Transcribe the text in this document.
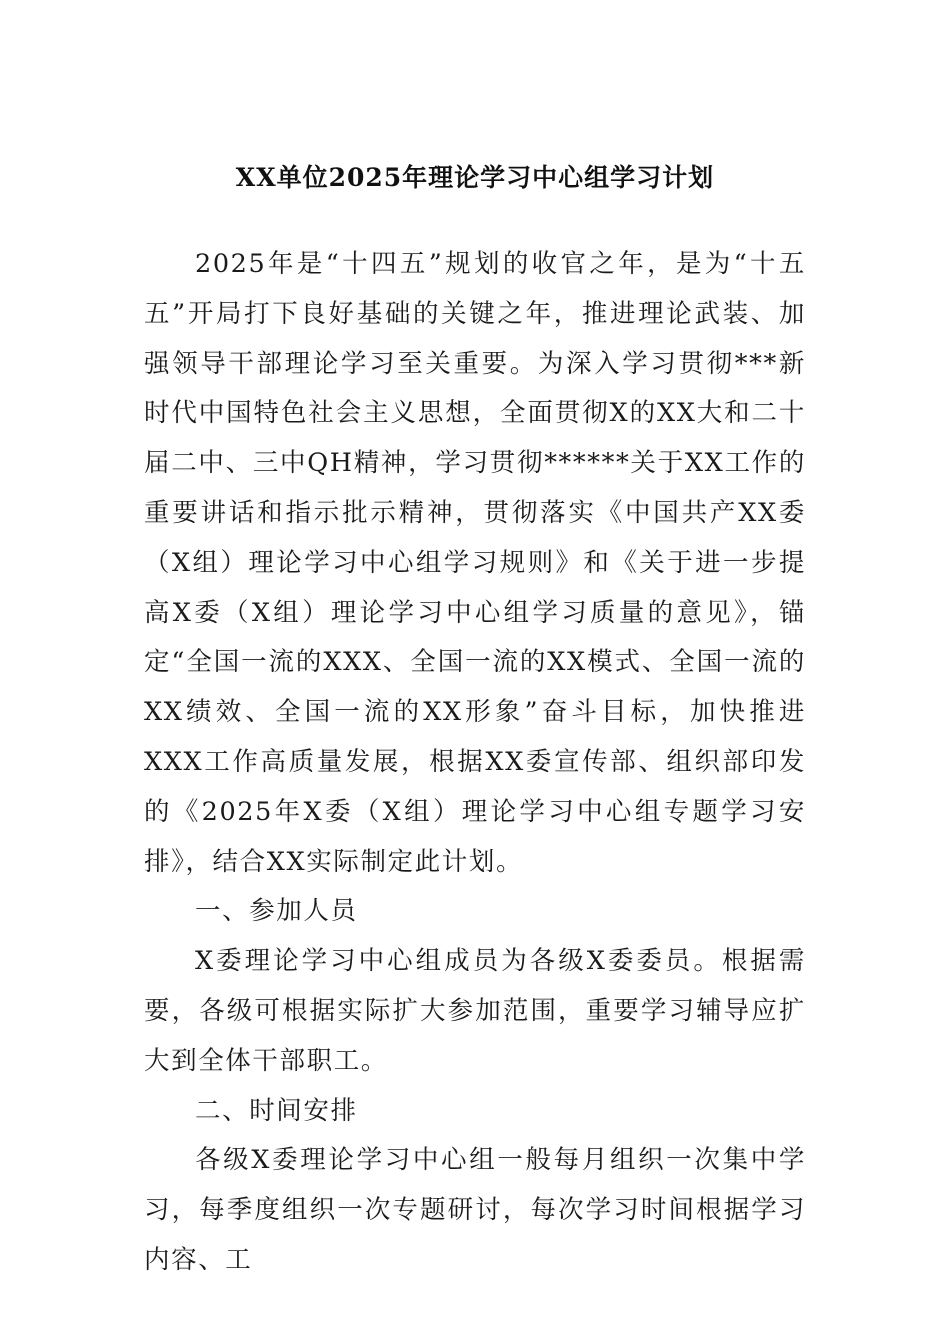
XX单位2025年理论学习中心组学习计划

2025年是“十四五”规划的收官之年，是为“十五五”开局打下良好基础的关键之年，推进理论武装、加强领导干部理论学习至关重要。为深入学习贯彻***新时代中国特色社会主义思想，全面贯彻X的XX大和二十届二中、三中QH精神，学习贯彻******关于XX工作的重要讲话和指示批示精神，贯彻落实《中国共产XX委（X组）理论学习中心组学习规则》和《关于进一步提高X委（X组）理论学习中心组学习质量的意见》，锚定“全国一流的XXX、全国一流的XX模式、全国一流的XX绩效、全国一流的XX形象”奋斗目标，加快推进XXX工作高质量发展，根据XX委宣传部、组织部印发的《2025年X委（X组）理论学习中心组专题学习安排》，结合XX实际制定此计划。

一、参加人员

X委理论学习中心组成员为各级X委委员。根据需要，各级可根据实际扩大参加范围，重要学习辅导应扩大到全体干部职工。

二、时间安排

各级X委理论学习中心组一般每月组织一次集中学习，每季度组织一次专题研讨，每次学习时间根据学习内容、工
